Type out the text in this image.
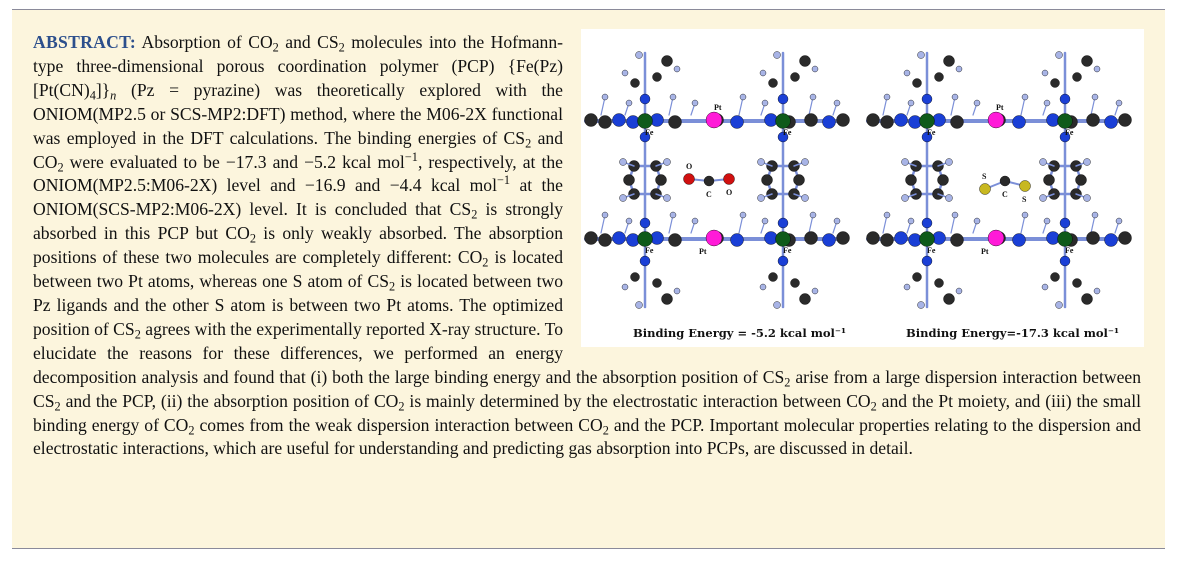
Fe	Fe
Fe	Fe
Pt
Pt
O
C O
Fe	Fe
Fe	Fe
Pt
Pt
S
C
S
Binding Energy = -5.2 kcal mol⁻¹	Binding Energy=-17.3 kcal mol⁻¹
ABSTRACT: Absorption of $CO_2$ and $CS_2$ molecules into the Hofmann-type three-dimensional porous coordination polymer (PCP) $\{Fe(Pz)[Pt(CN)_4]\}_n$ (Pz = pyrazine) was theoretically explored with the ONIOM(MP2.5 or SCS-MP2:DFT) method, where the M06-2X functional was employed in the DFT calculations. The binding energies of $CS_2$ and $CO_2$ were evaluated to be −17.3 and −5.2 kcal mol$^{-1}$, respectively, at the ONIOM(MP2.5:M06-2X) level and −16.9 and −4.4 kcal mol$^{-1}$ at the ONIOM(SCS-MP2:M06-2X) level. It is concluded that $CS_2$ is strongly absorbed in this PCP but $CO_2$ is only weakly absorbed. The absorption positions of these two molecules are completely different: $CO_2$ is located between two Pt atoms, whereas one S atom of $CS_2$ is located between two Pz ligands and the other S atom is between two Pt atoms. The optimized position of $CS_2$ agrees with the experimentally reported X-ray structure. To elucidate the reasons for these differences, we performed an energy decomposition analysis and found that (i) both the large binding energy and the absorption position of $CS_2$ arise from a large dispersion interaction between $CS_2$ and the PCP, (ii) the absorption position of $CO_2$ is mainly determined by the electrostatic interaction between $CO_2$ and the Pt moiety, and (iii) the small binding energy of $CO_2$ comes from the weak dispersion interaction between $CO_2$ and the PCP. Important molecular properties relating to the dispersion and electrostatic interactions, which are useful for understanding and predicting gas absorption into PCPs, are discussed in detail.
